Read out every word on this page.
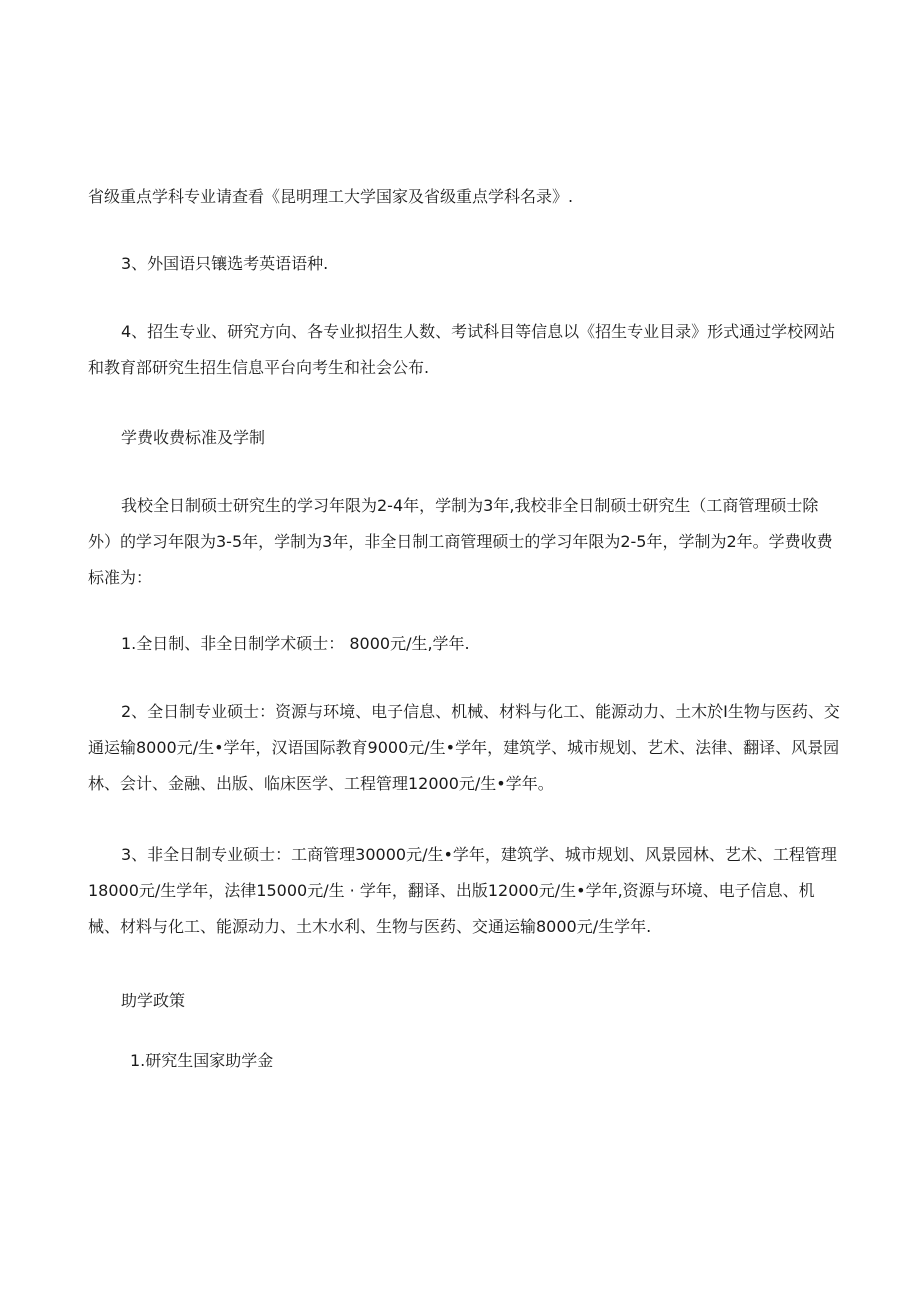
省级重点学科专业请查看《昆明理工大学国家及省级重点学科名录》.

3、外国语只镶选考英语语种.

4、招生专业、研究方向、各专业拟招生人数、考试科目等信息以《招生专业目录》形式通过学校网站和教育部研究生招生信息平台向考生和社会公布.

学费收费标准及学制

我校全日制硕士研究生的学习年限为2-4年，学制为3年,我校非全日制硕士研究生（工商管理硕士除外）的学习年限为3-5年，学制为3年，非全日制工商管理硕士的学习年限为2-5年，学制为2年。学费收费标准为：

1.全日制、非全日制学术硕士： 8000元/生,学年.

2、全日制专业硕士：资源与环境、电子信息、机械、材料与化工、能源动力、土木於I生物与医药、交通运输8000元/生•学年，汉语国际教育9000元/生•学年，建筑学、城市规划、艺术、法律、翻译、风景园林、会计、金融、出版、临床医学、工程管理12000元/生•学年。

3、非全日制专业硕士：工商管理30000元/生•学年，建筑学、城市规划、风景园林、艺术、工程管理18000元/生学年，法律15000元/生 · 学年，翻译、出版12000元/生•学年,资源与环境、电子信息、机械、材料与化工、能源动力、土木水利、生物与医药、交通运输8000元/生学年.

助学政策

1.研究生国家助学金
